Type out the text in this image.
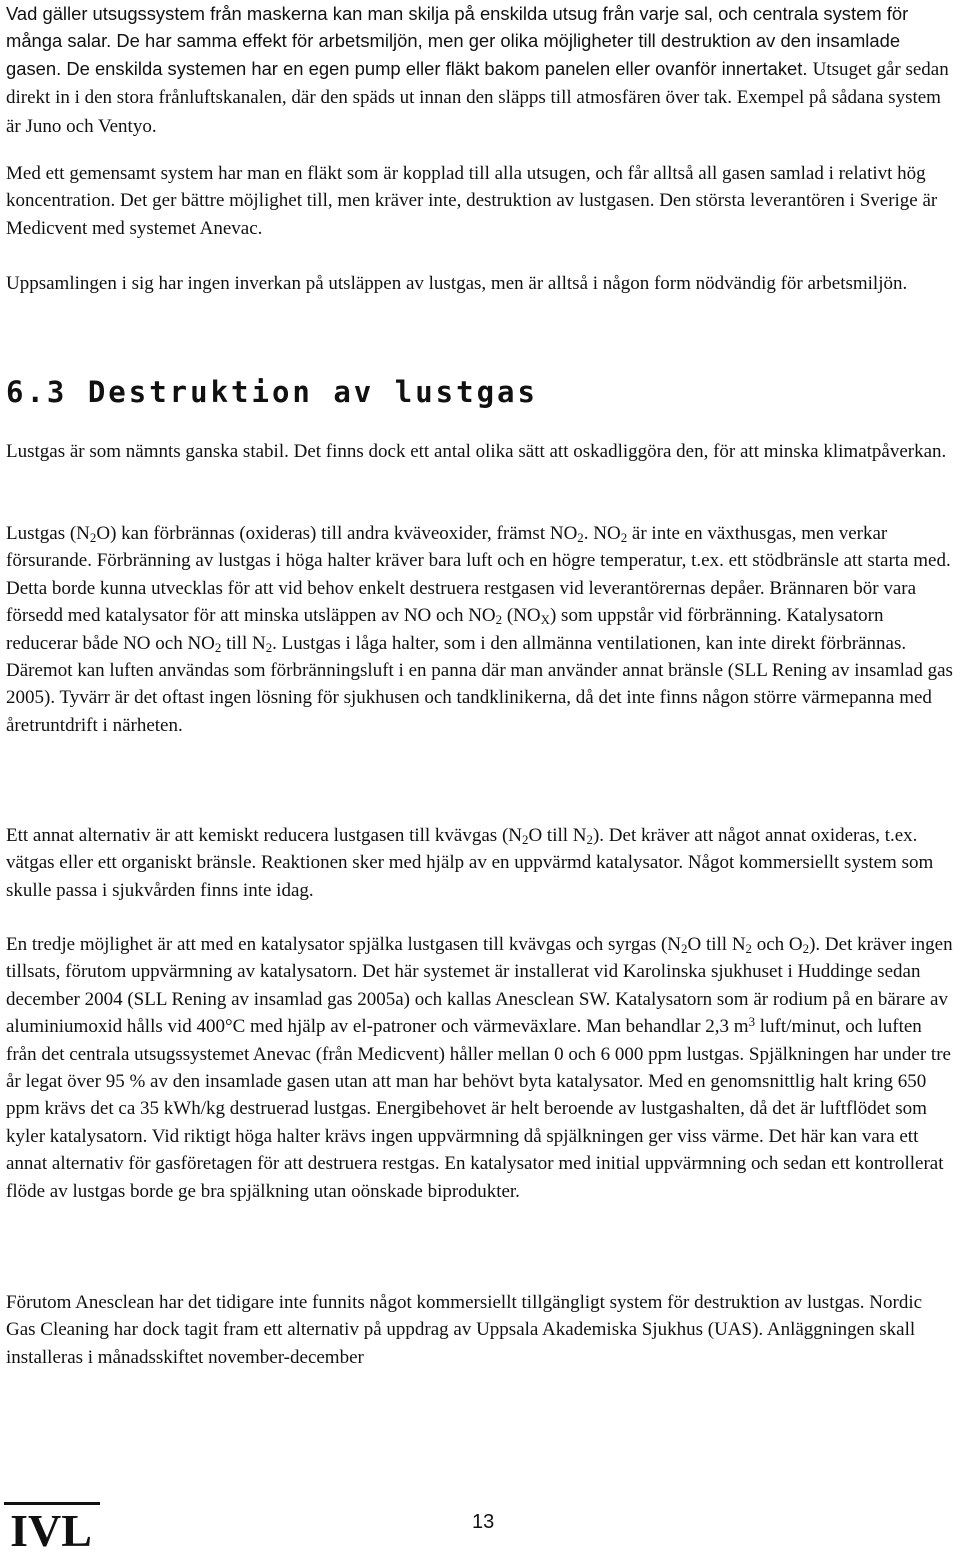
Vad gäller utsugssystem från maskerna kan man skilja på enskilda utsug från varje sal, och centrala system för många salar. De har samma effekt för arbetsmiljön, men ger olika möjligheter till destruktion av den insamlade gasen. De enskilda systemen har en egen pump eller fläkt bakom panelen eller ovanför innertaket. Utsuget går sedan direkt in i den stora frånluftskanalen, där den späds ut innan den släpps till atmosfären över tak. Exempel på sådana system är Juno och Ventyo.

Med ett gemensamt system har man en fläkt som är kopplad till alla utsugen, och får alltså all gasen samlad i relativt hög koncentration. Det ger bättre möjlighet till, men kräver inte, destruktion av lustgasen. Den största leverantören i Sverige är Medicvent med systemet Anevac.

Uppsamlingen i sig har ingen inverkan på utsläppen av lustgas, men är alltså i någon form nödvändig för arbetsmiljön.

6.3 Destruktion av lustgas

Lustgas är som nämnts ganska stabil. Det finns dock ett antal olika sätt att oskadliggöra den, för att minska klimatpåverkan.

Lustgas $(N_2O)$ kan förbrännas (oxideras) till andra kväveoxider, främst $NO_2$. $NO_2$ är inte en växthusgas, men verkar försurande. Förbränning av lustgas i höga halter kräver bara luft och en högre temperatur, t.ex. ett stödbränsle att starta med. Detta borde kunna utvecklas för att vid behov enkelt destruera restgasen vid leverantörernas depåer. Brännaren bör vara försedd med katalysator för att minska utsläppen av NO och $NO_2$ $(NO_X)$ som uppstår vid förbränning. Katalysatorn reducerar både NO och $NO_2$ till $N_2$. Lustgas i låga halter, som i den allmänna ventilationen, kan inte direkt förbrännas. Däremot kan luften användas som förbränningsluft i en panna där man använder annat bränsle (SLL Rening av insamlad gas 2005). Tyvärr är det oftast ingen lösning för sjukhusen och tandklinikerna, då det inte finns någon större värmepanna med åretruntdrift i närheten.

Ett annat alternativ är att kemiskt reducera lustgasen till kvävgas ($N_2O$ till $N_2$). Det kräver att något annat oxideras, t.ex. vätgas eller ett organiskt bränsle. Reaktionen sker med hjälp av en uppvärmd katalysator. Något kommersiellt system som skulle passa i sjukvården finns inte idag.

En tredje möjlighet är att med en katalysator spjälka lustgasen till kvävgas och syrgas ($N_2O$ till $N_2$ och $O_2$). Det kräver ingen tillsats, förutom uppvärmning av katalysatorn. Det här systemet är installerat vid Karolinska sjukhuset i Huddinge sedan december 2004 (SLL Rening av insamlad gas 2005a) och kallas Anesclean SW. Katalysatorn som är rodium på en bärare av aluminiumoxid hålls vid 400°C med hjälp av el-patroner och värmeväxlare. Man behandlar 2,3 $m^3$ luft/minut, och luften från det centrala utsugssystemet Anevac (från Medicvent) håller mellan 0 och 6 000 ppm lustgas. Spjälkningen har under tre år legat över 95 % av den insamlade gasen utan att man har behövt byta katalysator. Med en genomsnittlig halt kring 650 ppm krävs det ca 35 kWh/kg destruerad lustgas. Energibehovet är helt beroende av lustgashalten, då det är luftflödet som kyler katalysatorn. Vid riktigt höga halter krävs ingen uppvärmning då spjälkningen ger viss värme. Det här kan vara ett annat alternativ för gasföretagen för att destruera restgas. En katalysator med initial uppvärmning och sedan ett kontrollerat flöde av lustgas borde ge bra spjälkning utan oönskade biprodukter.

Förutom Anesclean har det tidigare inte funnits något kommersiellt tillgängligt system för destruktion av lustgas. Nordic Gas Cleaning har dock tagit fram ett alternativ på uppdrag av Uppsala Akademiska Sjukhus (UAS). Anläggningen skall installeras i månadsskiftet november-december

IVL	13
